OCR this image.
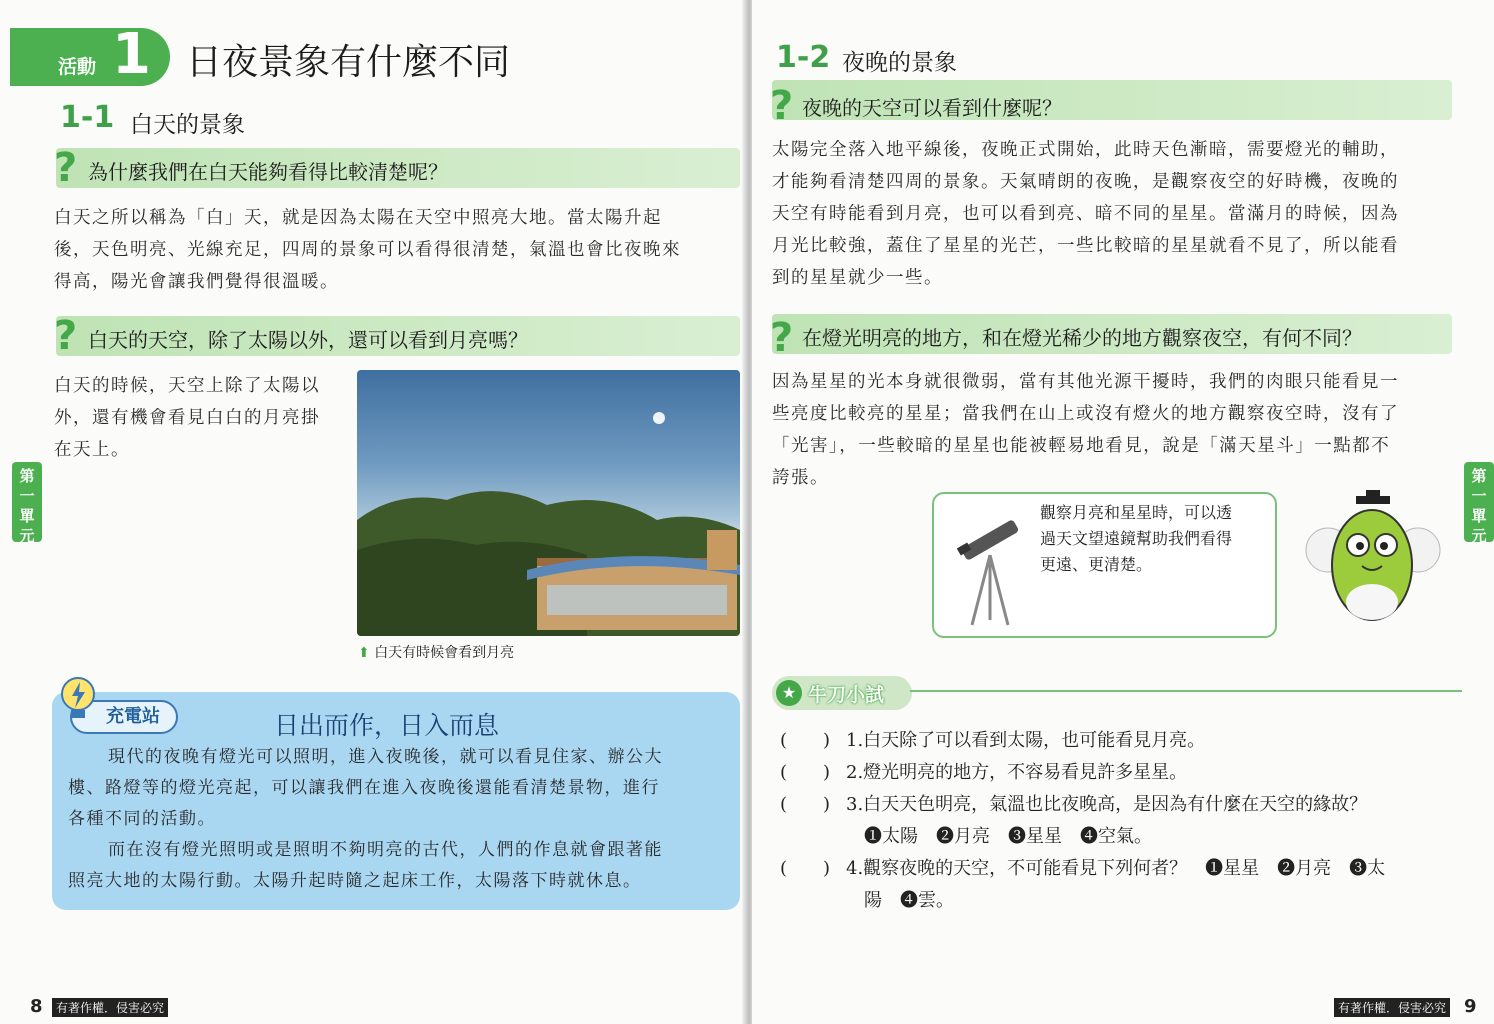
活動 1 日夜景象有什麼不同
1-1 白天的景象
? 為什麼我們在白天能夠看得比較清楚呢？
白天之所以稱為「白」天，就是因為太陽在天空中照亮大地。當太陽升起
後，天色明亮、光線充足，四周的景象可以看得很清楚，氣溫也會比夜晚來
得高，陽光會讓我們覺得很溫暖。
? 白天的天空，除了太陽以外，還可以看到月亮嗎？
白天的時候，天空上除了太陽以
外，還有機會看見白白的月亮掛
在天上。
⬆ 白天有時候會看到月亮
第一單元
充電站	日出而作，日入而息
現代的夜晚有燈光可以照明，進入夜晚後，就可以看見住家、辦公大
樓、路燈等的燈光亮起，可以讓我們在進入夜晚後還能看清楚景物，進行
各種不同的活動。
而在沒有燈光照明或是照明不夠明亮的古代，人們的作息就會跟著能
照亮大地的太陽行動。太陽升起時隨之起床工作，太陽落下時就休息。
8	有著作權．侵害必究
1-2 夜晚的景象
? 夜晚的天空可以看到什麼呢？
太陽完全落入地平線後，夜晚正式開始，此時天色漸暗，需要燈光的輔助，
才能夠看清楚四周的景象。天氣晴朗的夜晚，是觀察夜空的好時機，夜晚的
天空有時能看到月亮，也可以看到亮、暗不同的星星。當滿月的時候，因為
月光比較強，蓋住了星星的光芒，一些比較暗的星星就看不見了，所以能看
到的星星就少一些。
? 在燈光明亮的地方，和在燈光稀少的地方觀察夜空，有何不同？
因為星星的光本身就很微弱，當有其他光源干擾時，我們的肉眼只能看見一
些亮度比較亮的星星；當我們在山上或沒有燈火的地方觀察夜空時，沒有了
「光害」，一些較暗的星星也能被輕易地看見，說是「滿天星斗」一點都不
誇張。	第一單元
觀察月亮和星星時，可以透
過天文望遠鏡幫助我們看得
更遠、更清楚。
★ 牛刀小試
(　　) 1.白天除了可以看到太陽，也可能看見月亮。
(　　) 2.燈光明亮的地方，不容易看見許多星星。
(　　) 3.白天天色明亮，氣溫也比夜晚高，是因為有什麼在天空的緣故？
❶太陽　❷月亮　❸星星　❹空氣。
(　　) 4.觀察夜晚的天空，不可能看見下列何者？　❶星星　❷月亮　❸太
陽　❹雲。
有著作權．侵害必究 9
